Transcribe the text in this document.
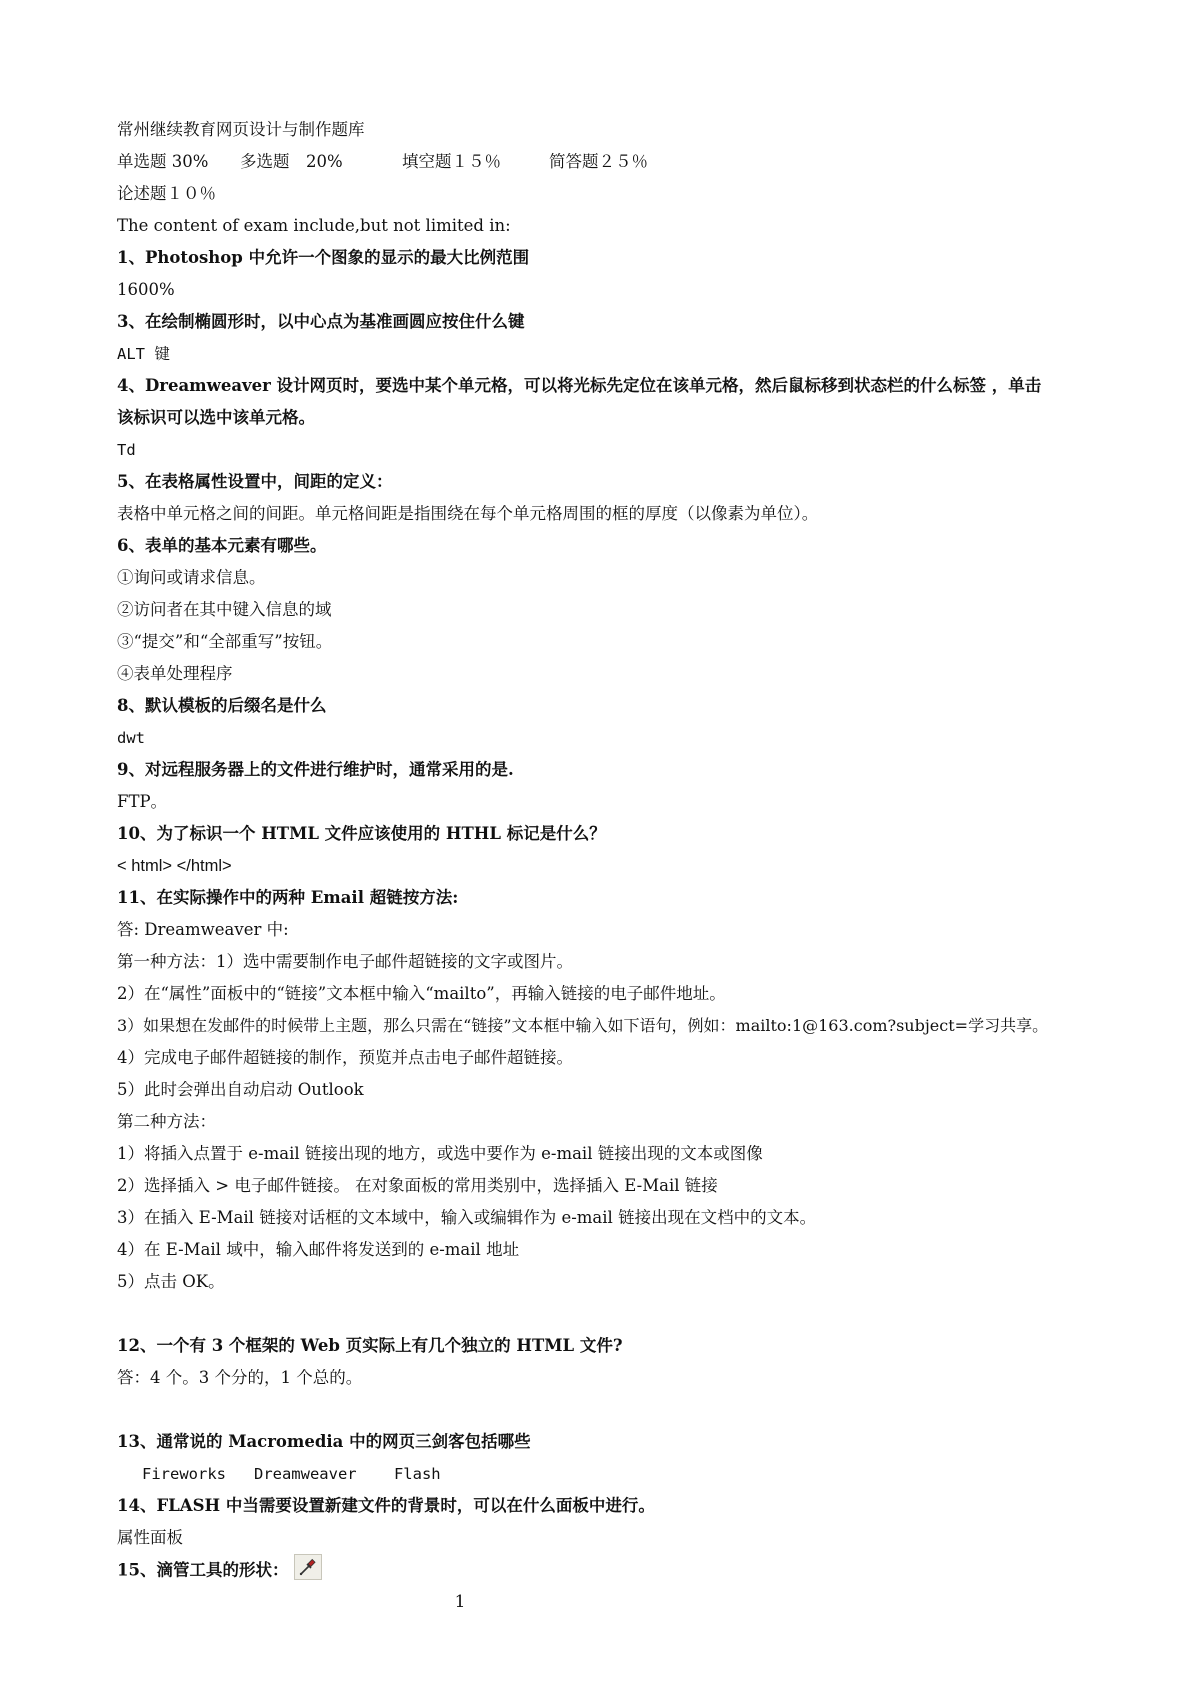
常州继续教育网页设计与制作题库

单选题 30% 多选题　20%	填空题１５％	简答题２５％

论述题１０％

The content of exam include,but not limited in:

1、Photoshop 中允许一个图象的显示的最大比例范围

1600%

3、在绘制椭圆形时，以中心点为基准画圆应按住什么键

ALT 键

4、Dreamweaver 设计网页时，要选中某个单元格，可以将光标先定位在该单元格，然后鼠标移到状态栏的什么标签 ，单击

该标识可以选中该单元格。

Td

5、在表格属性设置中，间距的定义：

表格中单元格之间的间距。单元格间距是指围绕在每个单元格周围的框的厚度（以像素为单位）。

6、表单的基本元素有哪些。

①询问或请求信息。

②访问者在其中键入信息的域

③“提交”和“全部重写”按钮。

④表单处理程序

8、默认模板的后缀名是什么

dwt

9、对远程服务器上的文件进行维护时，通常采用的是.

FTP。

10、为了标识一个 HTML 文件应该使用的 HTHL 标记是什么？

< html> </html>

11、在实际操作中的两种 Email 超链按方法:

答: Dreamweaver 中:

第一种方法：1）选中需要制作电子邮件超链接的文字或图片。

2）在“属性”面板中的“链接”文本框中输入“mailto”，再输入链接的电子邮件地址。

3）如果想在发邮件的时候带上主题，那么只需在“链接”文本框中输入如下语句，例如：mailto:1@163.com?subject=学习共享。

4）完成电子邮件超链接的制作，预览并点击电子邮件超链接。

5）此时会弹出自动启动 Outlook

第二种方法：

1）将插入点置于 e-mail 链接出现的地方，或选中要作为 e-mail 链接出现的文本或图像

2）选择插入 > 电子邮件链接。 在对象面板的常用类别中，选择插入 E-Mail 链接

3）在插入 E-Mail 链接对话框的文本域中，输入或编辑作为 e-mail 链接出现在文档中的文本。

4）在 E-Mail 域中，输入邮件将发送到的 e-mail 地址

5）点击 OK。

12、一个有 3 个框架的 Web 页实际上有几个独立的 HTML 文件?

答：4 个。3 个分的，1 个总的。

13、通常说的 Macromedia 中的网页三剑客包括哪些

Fireworks   Dreamweaver    Flash

14、FLASH 中当需要设置新建文件的背景时，可以在什么面板中进行。

属性面板

15、滴管工具的形状：
1
